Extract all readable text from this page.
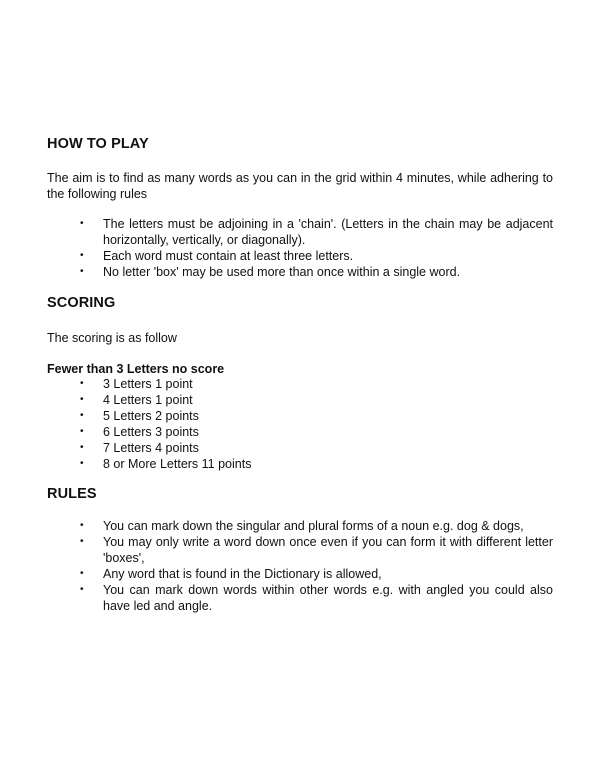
HOW TO PLAY

The aim is to find as many words as you can in the grid within 4 minutes, while adhering to the following rules

• The letters must be adjoining in a 'chain'. (Letters in the chain may be adjacent horizontally, vertically, or diagonally).
• Each word must contain at least three letters.
• No letter 'box' may be used more than once within a single word.
SCORING

The scoring is as follow

Fewer than 3 Letters no score
• 3 Letters 1 point
• 4 Letters 1 point
• 5 Letters 2 points
• 6 Letters 3 points
• 7 Letters 4 points
• 8 or More Letters 11 points
RULES
• You can mark down the singular and plural forms of a noun e.g. dog & dogs,
• You may only write a word down once even if you can form it with different letter 'boxes',
• Any word that is found in the Dictionary is allowed,
• You can mark down words within other words e.g. with angled you could also have led and angle.
